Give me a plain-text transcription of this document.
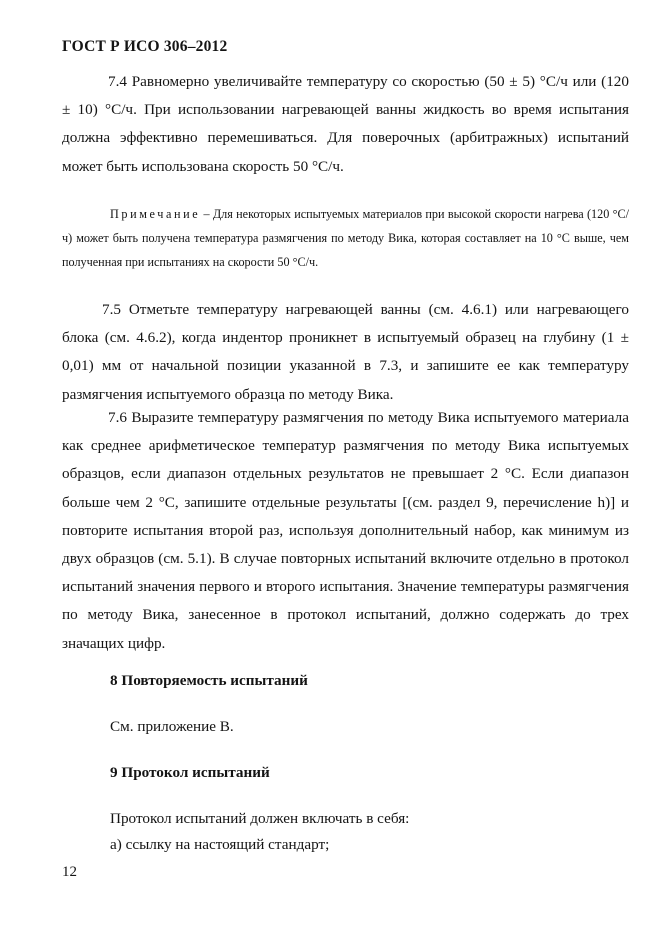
ГОСТ Р ИСО 306–2012

7.4 Равномерно увеличивайте температуру со скоростью (50 ± 5) °С/ч или (120 ± 10) °С/ч. При использовании нагревающей ванны жидкость во время испытания должна эффективно перемешиваться. Для поверочных (арбитражных) испытаний может быть использована скорость 50 °С/ч.

Примечание – Для некоторых испытуемых материалов при высокой скорости нагрева (120 °С/ч) может быть получена температура размягчения по методу Вика, которая составляет на 10 °С выше, чем полученная при испытаниях на скорости 50 °С/ч.

7.5 Отметьте температуру нагревающей ванны (см. 4.6.1) или нагревающего блока (см. 4.6.2), когда индентор проникнет в испытуемый образец на глубину (1 ± 0,01) мм от начальной позиции указанной в 7.3, и запишите ее как температуру размягчения испытуемого образца по методу Вика.

7.6 Выразите температуру размягчения по методу Вика испытуемого материала как среднее арифметическое температур размягчения по методу Вика испытуемых образцов, если диапазон отдельных результатов не превышает 2 °С. Если диапазон больше чем 2 °С, запишите отдельные результаты [(см. раздел 9, перечисление h)] и повторите испытания второй раз, используя дополнительный набор, как минимум из двух образцов (см. 5.1). В случае повторных испытаний включите отдельно в протокол испытаний значения первого и второго испытания. Значение температуры размягчения по методу Вика, занесенное в протокол испытаний, должно содержать до трех значащих цифр.

8 Повторяемость испытаний
См. приложение В.
9 Протокол испытаний
Протокол испытаний должен включать в себя:
a) ссылку на настоящий стандарт;
12
